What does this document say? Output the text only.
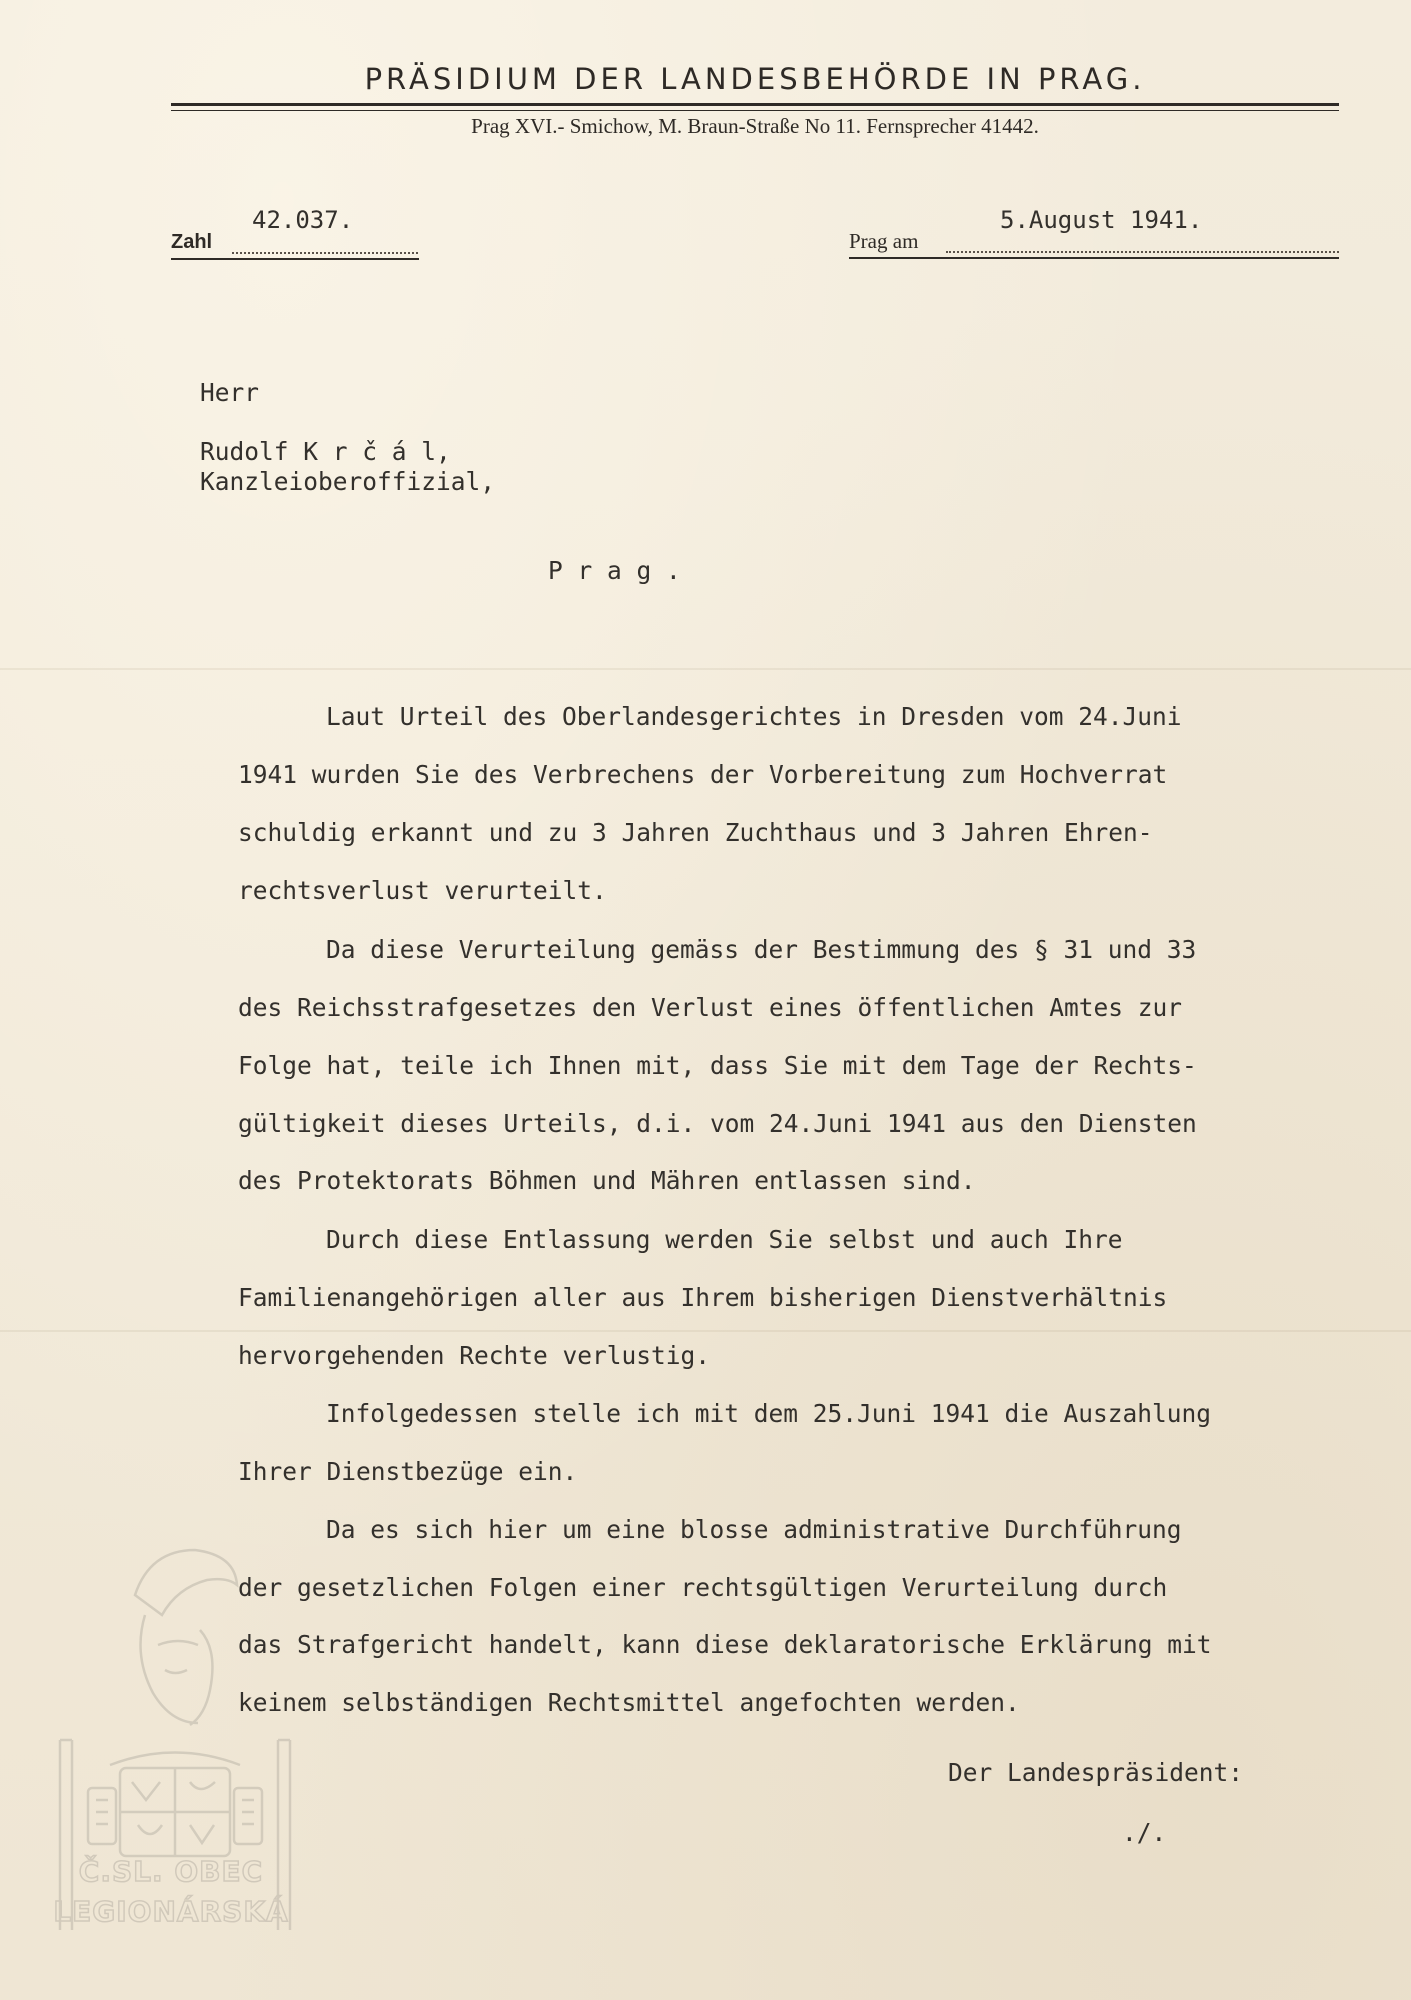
PRÄSIDIUM DER LANDESBEHÖRDE IN PRAG.
Prag XVI.- Smichow, M. Braun-Straße No 11. Fernsprecher 41442.
Zahl
42.037.
Prag am
5.August 1941.
Herr
Rudolf K r č á l,
Kanzleioberoffizial,
P r a g .
Laut Urteil des Oberlandesgerichtes in Dresden vom 24.Juni
1941 wurden Sie des Verbrechens der Vorbereitung zum Hochverrat
schuldig erkannt und zu 3 Jahren Zuchthaus und 3 Jahren Ehren-
rechtsverlust verurteilt.
Da diese Verurteilung gemäss der Bestimmung des § 31 und 33
des Reichsstrafgesetzes den Verlust eines öffentlichen Amtes zur
Folge hat, teile ich Ihnen mit, dass Sie mit dem Tage der Rechts-
gültigkeit dieses Urteils, d.i. vom 24.Juni 1941 aus den Diensten
des Protektorats Böhmen und Mähren entlassen sind.
Durch diese Entlassung werden Sie selbst und auch Ihre
Familienangehörigen aller aus Ihrem bisherigen Dienstverhältnis
hervorgehenden Rechte verlustig.
Infolgedessen stelle ich mit dem 25.Juni 1941 die Auszahlung
Ihrer Dienstbezüge ein.
Da es sich hier um eine blosse administrative Durchführung
der gesetzlichen Folgen einer rechtsgültigen Verurteilung durch
das Strafgericht handelt, kann diese deklaratorische Erklärung mit
keinem selbständigen Rechtsmittel angefochten werden.
Der Landespräsident:
./.
Č.SL. OBEC
LEGIONÁRSKÁ
